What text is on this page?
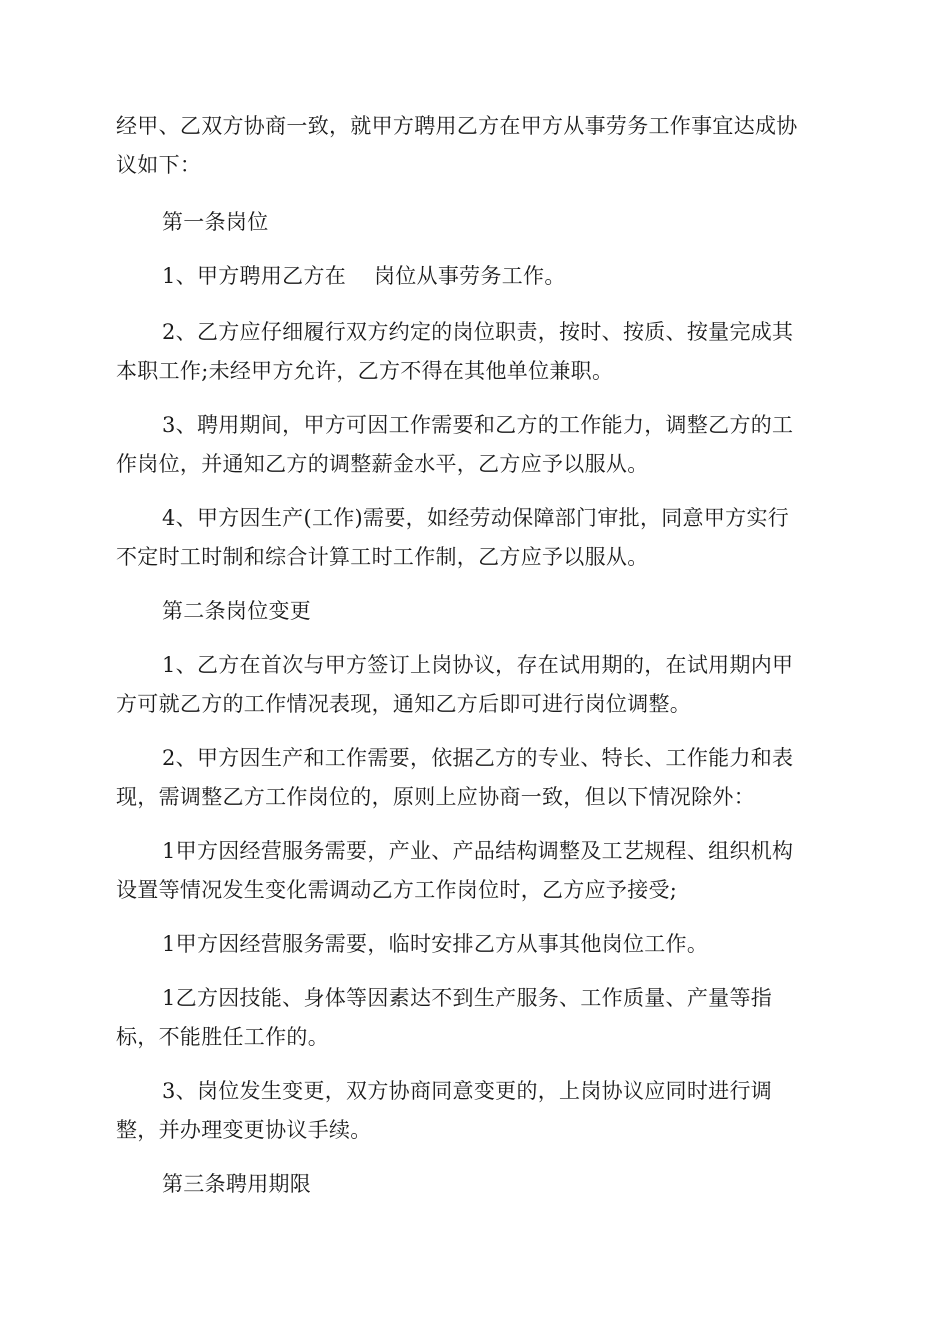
经甲、乙双方协商一致，就甲方聘用乙方在甲方从事劳务工作事宜达成协
议如下：
第一条岗位
1、甲方聘用乙方在    岗位从事劳务工作。
2、乙方应仔细履行双方约定的岗位职责，按时、按质、按量完成其
本职工作;未经甲方允许，乙方不得在其他单位兼职。
3、聘用期间，甲方可因工作需要和乙方的工作能力，调整乙方的工
作岗位，并通知乙方的调整薪金水平，乙方应予以服从。
4、甲方因生产(工作)需要，如经劳动保障部门审批，同意甲方实行
不定时工时制和综合计算工时工作制，乙方应予以服从。
第二条岗位变更
1、乙方在首次与甲方签订上岗协议，存在试用期的，在试用期内甲
方可就乙方的工作情况表现，通知乙方后即可进行岗位调整。
2、甲方因生产和工作需要，依据乙方的专业、特长、工作能力和表
现，需调整乙方工作岗位的，原则上应协商一致，但以下情况除外：
1甲方因经营服务需要，产业、产品结构调整及工艺规程、组织机构
设置等情况发生变化需调动乙方工作岗位时，乙方应予接受;
1甲方因经营服务需要，临时安排乙方从事其他岗位工作。
1乙方因技能、身体等因素达不到生产服务、工作质量、产量等指
标，不能胜任工作的。
3、岗位发生变更，双方协商同意变更的，上岗协议应同时进行调
整，并办理变更协议手续。
第三条聘用期限
